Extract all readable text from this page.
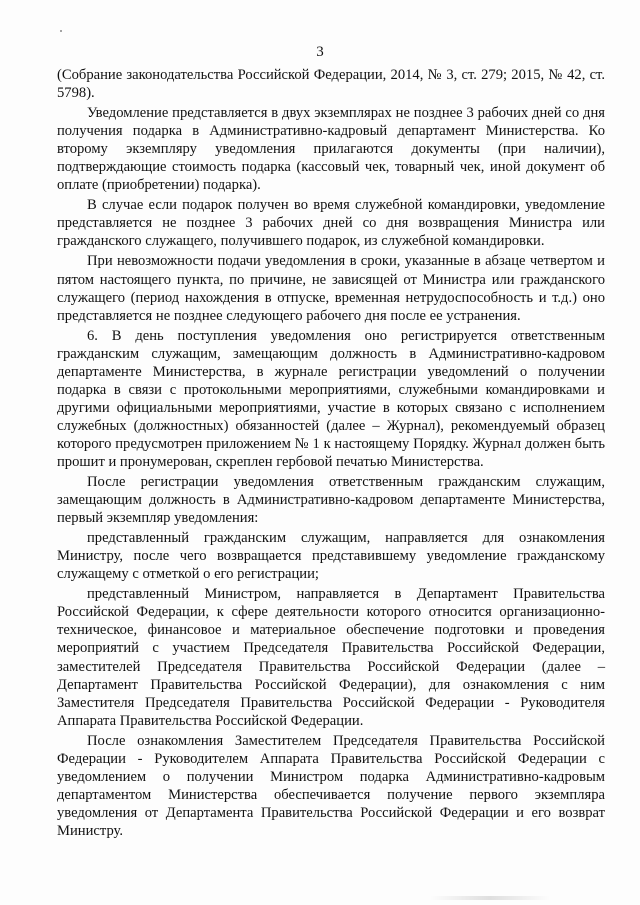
3

(Собрание законодательства Российской Федерации, 2014, № 3, ст. 279; 2015, № 42, ст. 5798).

Уведомление представляется в двух экземплярах не позднее 3 рабочих дней со дня получения подарка в Административно-кадровый департамент Министерства. Ко второму экземпляру уведомления прилагаются документы (при наличии), подтверждающие стоимость подарка (кассовый чек, товарный чек, иной документ об оплате (приобретении) подарка).

В случае если подарок получен во время служебной командировки, уведомление представляется не позднее 3 рабочих дней со дня возвращения Министра или гражданского служащего, получившего подарок, из служебной командировки.

При невозможности подачи уведомления в сроки, указанные в абзаце четвертом и пятом настоящего пункта, по причине, не зависящей от Министра или гражданского служащего (период нахождения в отпуске, временная нетрудоспособность и т.д.) оно представляется не позднее следующего рабочего дня после ее устранения.

6. В день поступления уведомления оно регистрируется ответственным гражданским служащим, замещающим должность в Административно-кадровом департаменте Министерства, в журнале регистрации уведомлений о получении подарка в связи с протокольными мероприятиями, служебными командировками и другими официальными мероприятиями, участие в которых связано с исполнением служебных (должностных) обязанностей (далее – Журнал), рекомендуемый образец которого предусмотрен приложением № 1 к настоящему Порядку. Журнал должен быть прошит и пронумерован, скреплен гербовой печатью Министерства.

После регистрации уведомления ответственным гражданским служащим, замещающим должность в Административно-кадровом департаменте Министерства, первый экземпляр уведомления:

представленный гражданским служащим, направляется для ознакомления Министру, после чего возвращается представившему уведомление гражданскому служащему с отметкой о его регистрации;

представленный Министром, направляется в Департамент Правительства Российской Федерации, к сфере деятельности которого относится организационно-техническое, финансовое и материальное обеспечение подготовки и проведения мероприятий с участием Председателя Правительства Российской Федерации, заместителей Председателя Правительства Российской Федерации (далее – Департамент Правительства Российской Федерации), для ознакомления с ним Заместителя Председателя Правительства Российской Федерации - Руководителя Аппарата Правительства Российской Федерации.

После ознакомления Заместителем Председателя Правительства Российской Федерации - Руководителем Аппарата Правительства Российской Федерации с уведомлением о получении Министром подарка Административно-кадровым департаментом Министерства обеспечивается получение первого экземпляра уведомления от Департамента Правительства Российской Федерации и его возврат Министру.
